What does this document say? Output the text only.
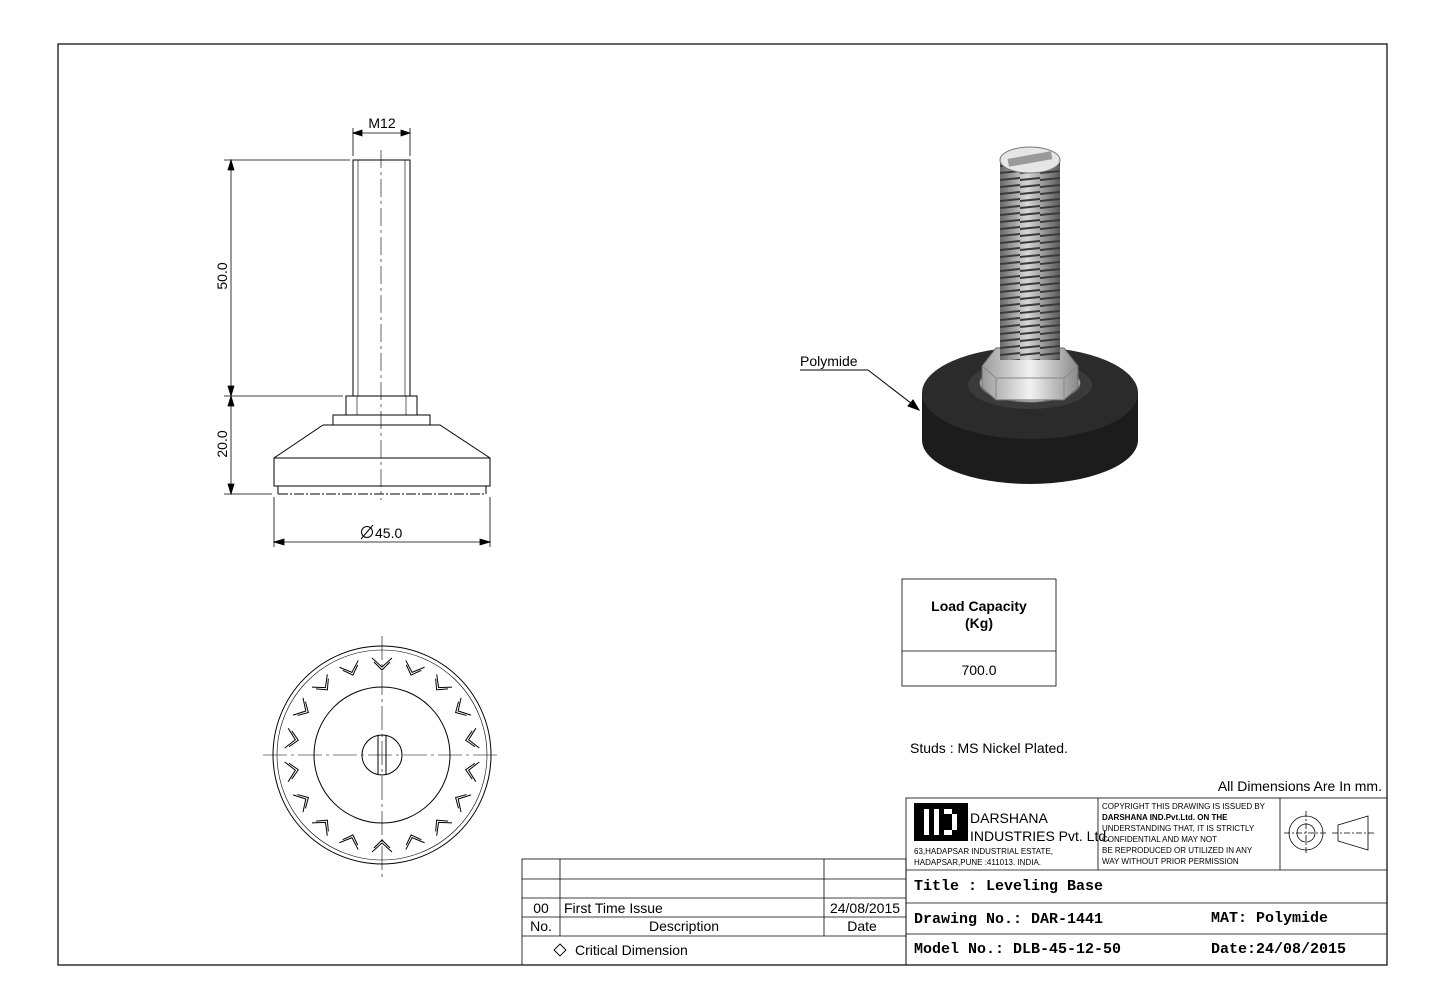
M12
50.0
20.0
45.0
Polymide
Load Capacity
(Kg)
700.0
Studs : MS Nickel Plated.
All Dimensions Are In mm.
DARSHANA
INDUSTRIES Pvt. Ltd.
63,HADAPSAR INDUSTRIAL ESTATE,
HADAPSAR,PUNE :411013. INDIA.
COPYRIGHT THIS DRAWING IS ISSUED BY
DARSHANA IND.Pvt.Ltd. ON THE
UNDERSTANDING THAT, IT IS STRICTLY
CONFIDENTIAL AND MAY NOT
BE REPRODUCED OR UTILIZED IN ANY
WAY WITHOUT PRIOR PERMISSION
Title : Leveling Base
Drawing No.: DAR-1441	MAT: Polymide
Model No.: DLB-45-12-50	Date:24/08/2015
00 First Time Issue	24/08/2015
No.	Description	Date
Critical Dimension
